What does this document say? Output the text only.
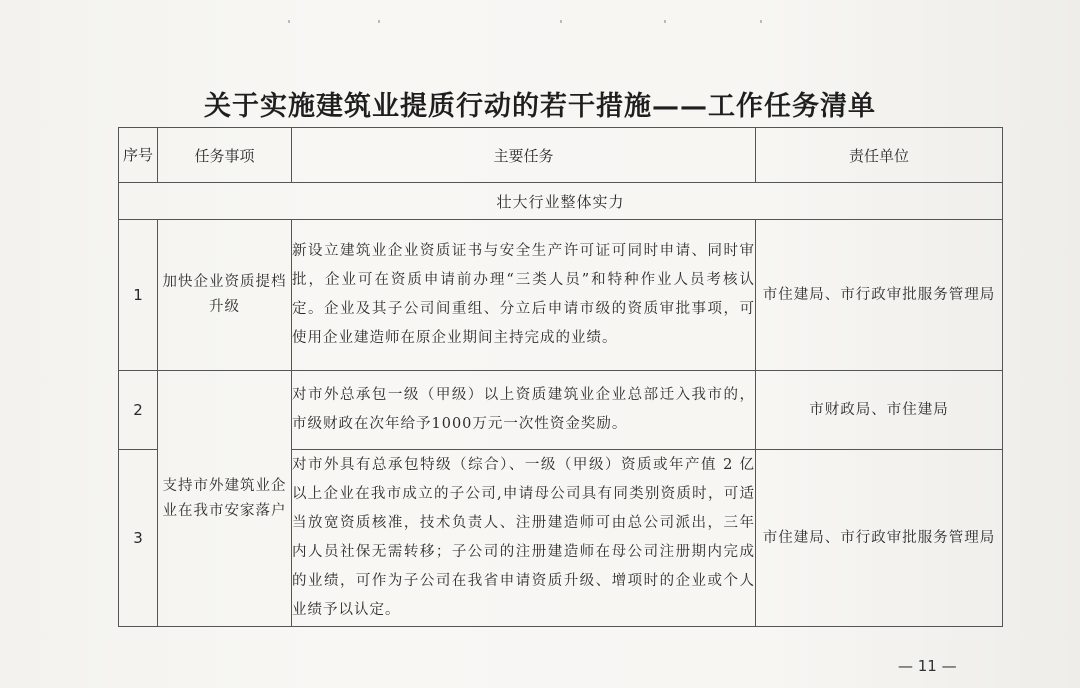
关于实施建筑业提质行动的若干措施——工作任务清单
序号	任务事项	主要任务	责任单位
壮大行业整体实力			
1	加快企业资质提档升级	新设立建筑业企业资质证书与安全生产许可证可同时申请、同时审批，企业可在资质申请前办理“三类人员”和特种作业人员考核认定。企业及其子公司间重组、分立后申请市级的资质审批事项，可使用企业建造师在原企业期间主持完成的业绩。	市住建局、市行政审批服务管理局
2	支持市外建筑业企业在我市安家落户	对市外总承包一级（甲级）以上资质建筑业企业总部迁入我市的，市级财政在次年给予1000万元一次性资金奖励。	市财政局、市住建局
3		对市外具有总承包特级（综合）、一级（甲级）资质或年产值 2 亿以上企业在我市成立的子公司,申请母公司具有同类别资质时，可适当放宽资质核准，技术负责人、注册建造师可由总公司派出，三年内人员社保无需转移；子公司的注册建造师在母公司注册期内完成的业绩，可作为子公司在我省申请资质升级、增项时的企业或个人业绩予以认定。	市住建局、市行政审批服务管理局
— 11 —
